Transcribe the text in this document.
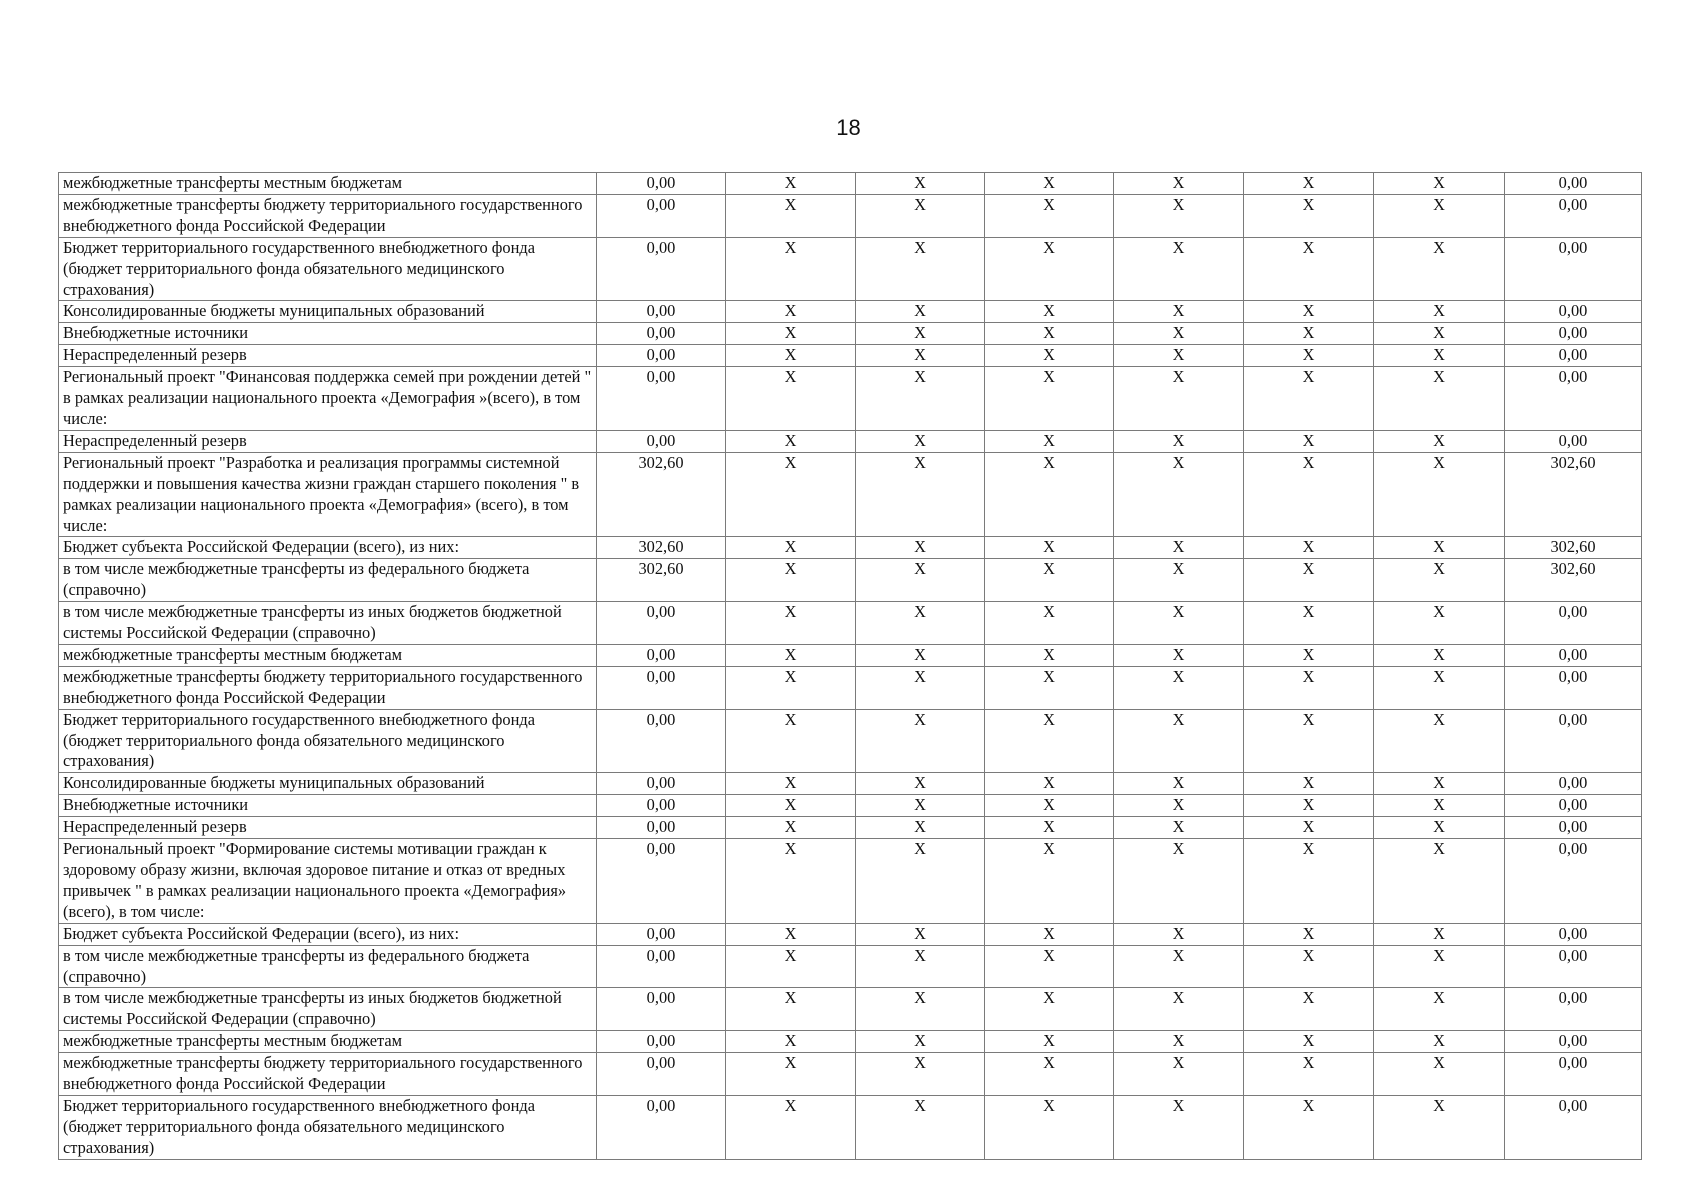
18
межбюджетные трансферты местным бюджетам	0,00	X	X	X	X	X	X	0,00
межбюджетные трансферты бюджету территориального государственного внебюджетного фонда Российской Федерации	0,00	X	X	X	X	X	X	0,00
Бюджет территориального государственного внебюджетного фонда (бюджет территориального фонда обязательного медицинского страхования)	0,00	X	X	X	X	X	X	0,00
Консолидированные бюджеты муниципальных образований	0,00	X	X	X	X	X	X	0,00
Внебюджетные источники	0,00	X	X	X	X	X	X	0,00
Нераспределенный резерв	0,00	X	X	X	X	X	X	0,00
Региональный проект "Финансовая поддержка семей при рождении детей " в рамках реализации национального проекта «Демография »(всего), в том числе:	0,00	X	X	X	X	X	X	0,00
Нераспределенный резерв	0,00	X	X	X	X	X	X	0,00
Региональный проект "Разработка и реализация программы системной поддержки и повышения качества жизни граждан старшего поколения " в рамках реализации национального проекта «Демография» (всего), в том числе:	302,60	X	X	X	X	X	X	302,60
Бюджет субъекта Российской Федерации (всего), из них:	302,60	X	X	X	X	X	X	302,60
в том числе межбюджетные трансферты из федерального бюджета (справочно)	302,60	X	X	X	X	X	X	302,60
в том числе межбюджетные трансферты из иных бюджетов бюджетной системы Российской Федерации (справочно)	0,00	X	X	X	X	X	X	0,00
межбюджетные трансферты местным бюджетам	0,00	X	X	X	X	X	X	0,00
межбюджетные трансферты бюджету территориального государственного внебюджетного фонда Российской Федерации	0,00	X	X	X	X	X	X	0,00
Бюджет территориального государственного внебюджетного фонда (бюджет территориального фонда обязательного медицинского страхования)	0,00	X	X	X	X	X	X	0,00
Консолидированные бюджеты муниципальных образований	0,00	X	X	X	X	X	X	0,00
Внебюджетные источники	0,00	X	X	X	X	X	X	0,00
Нераспределенный резерв	0,00	X	X	X	X	X	X	0,00
Региональный проект "Формирование системы мотивации граждан к здоровому образу жизни, включая здоровое питание и отказ от вредных привычек " в рамках реализации национального проекта «Демография» (всего), в том числе:	0,00	X	X	X	X	X	X	0,00
Бюджет субъекта Российской Федерации (всего), из них:	0,00	X	X	X	X	X	X	0,00
в том числе межбюджетные трансферты из федерального бюджета (справочно)	0,00	X	X	X	X	X	X	0,00
в том числе межбюджетные трансферты из иных бюджетов бюджетной системы Российской Федерации (справочно)	0,00	X	X	X	X	X	X	0,00
межбюджетные трансферты местным бюджетам	0,00	X	X	X	X	X	X	0,00
межбюджетные трансферты бюджету территориального государственного внебюджетного фонда Российской Федерации	0,00	X	X	X	X	X	X	0,00
Бюджет территориального государственного внебюджетного фонда (бюджет территориального фонда обязательного медицинского страхования)	0,00	X	X	X	X	X	X	0,00
